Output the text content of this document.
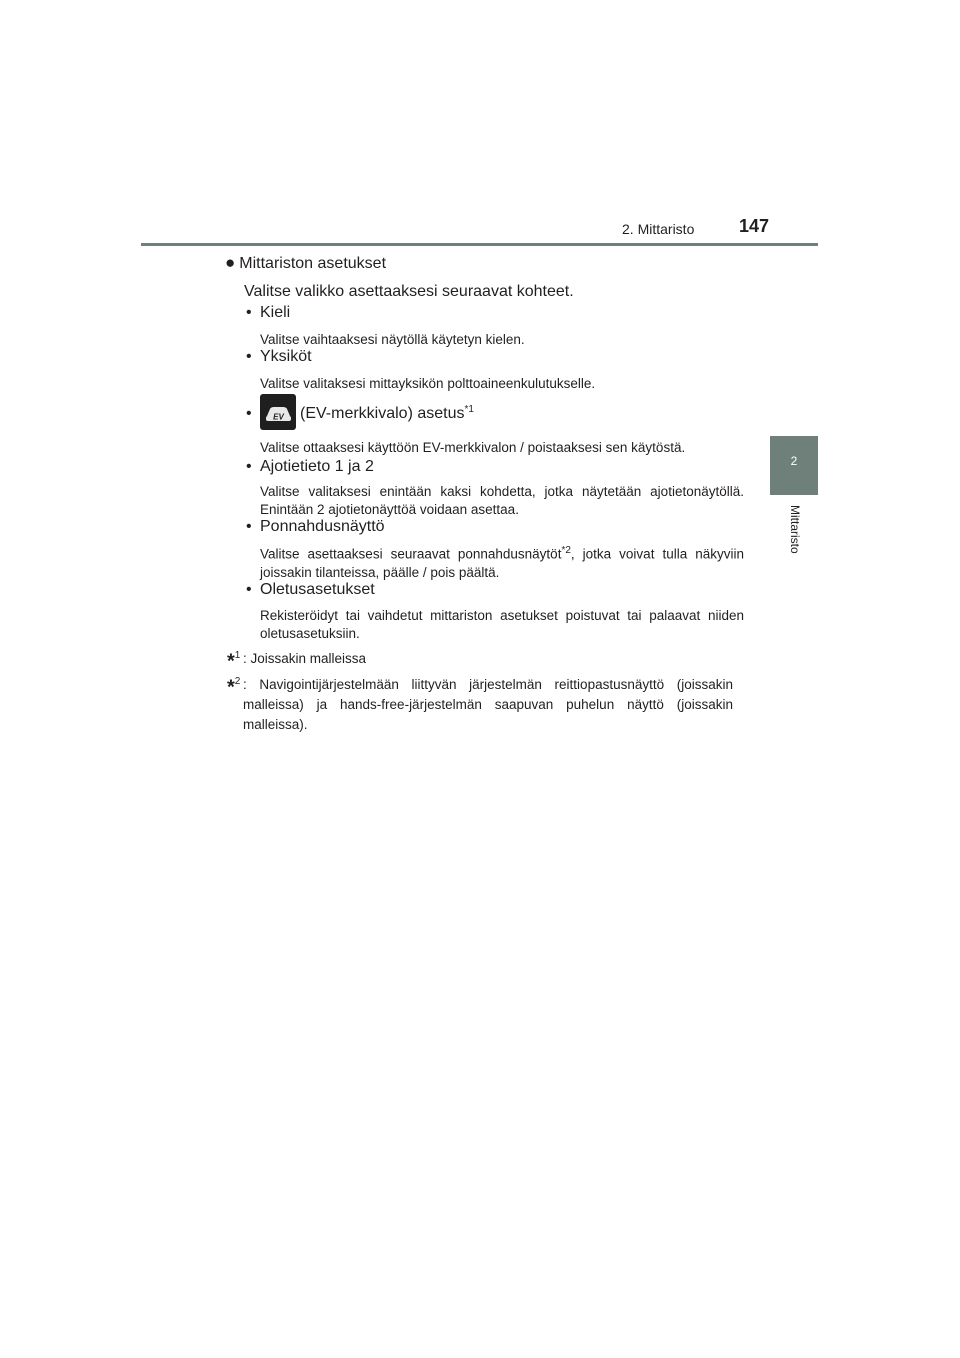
2. Mittaristo 147
2
Mittaristo
● Mittariston asetukset
Valitse valikko asettaaksesi seuraavat kohteet.
• Kieli
Valitse vaihtaaksesi näytöllä käytetyn kielen.
• Yksiköt
Valitse valitaksesi mittayksikön polttoaineenkulutukselle.
•	EV (EV-merkkivalo) asetus$^{*1}$
Valitse ottaaksesi käyttöön EV-merkkivalon / poistaaksesi sen käytöstä.
• Ajotietieto 1 ja 2
Valitse valitaksesi enintään kaksi kohdetta, jotka näytetään ajotietonäytöllä. Enintään 2 ajotietonäyttöä voidaan asettaa.
• Ponnahdusnäyttö
Valitse asettaaksesi seuraavat ponnahdusnäytöt$^{*2}$, jotka voivat tulla näkyviin joissakin tilanteissa, päälle / pois päältä.
• Oletusasetukset
Rekisteröidyt tai vaihdetut mittariston asetukset poistuvat tai palaavat niiden oletusasetuksiin.
*$^1$ : Joissakin malleissa
*$^2$ : Navigointijärjestelmään liittyvän järjestelmän reittiopastusnäyttö (joissakin malleissa) ja hands-free-järjestelmän saapuvan puhelun näyttö (joissakin malleissa).
